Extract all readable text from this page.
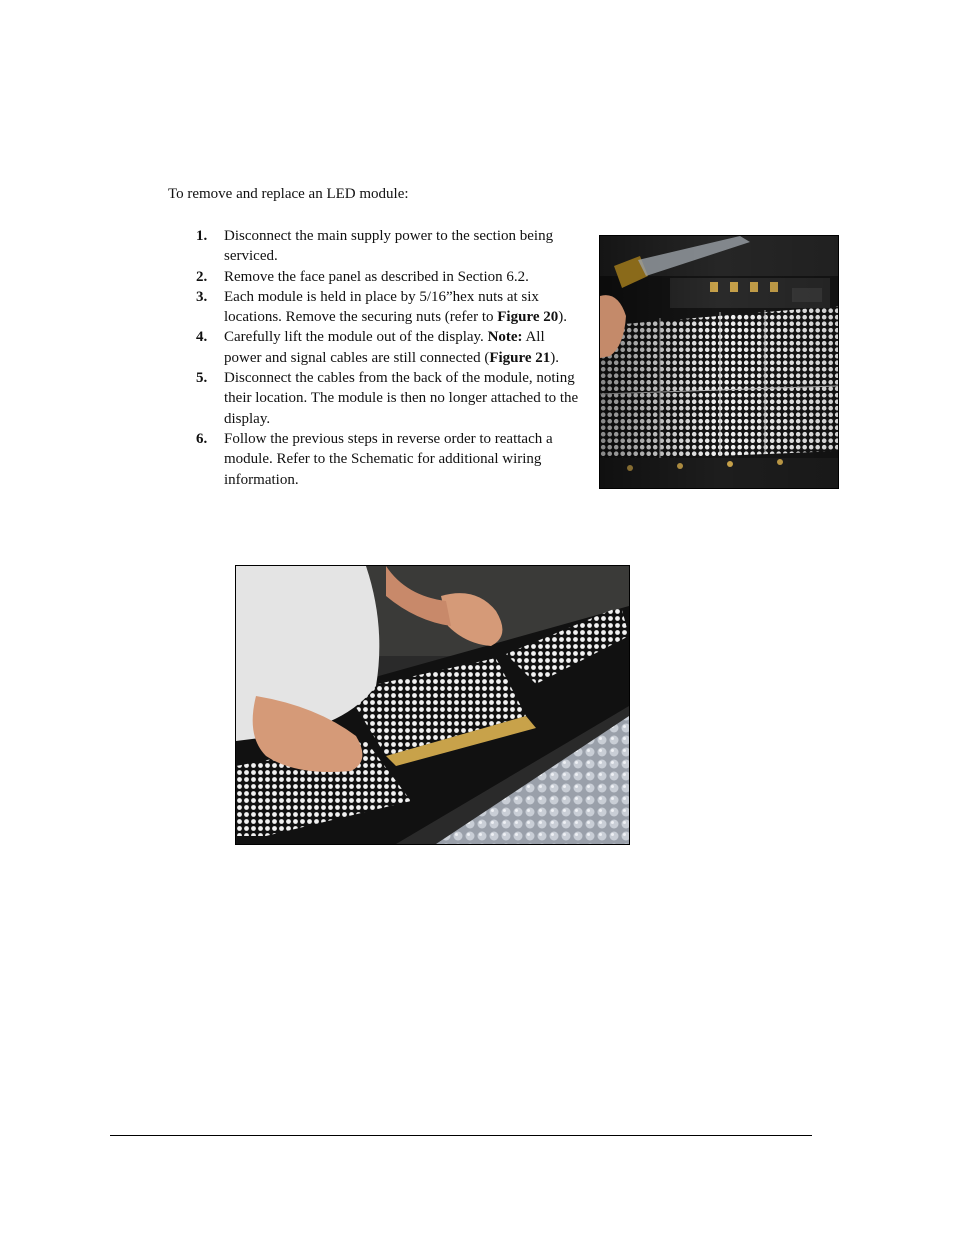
To remove and replace an LED module:

1. Disconnect the main supply power to the section being serviced.
2. Remove the face panel as described in Section 6.2.
3. Each module is held in place by 5/16”hex nuts at six locations. Remove the securing nuts (refer to Figure 20).
4. Carefully lift the module out of the display. Note: All power and signal cables are still connected (Figure 21).
5. Disconnect the cables from the back of the module, noting their location. The module is then no longer attached to the display.
6. Follow the previous steps in reverse order to reattach a module. Refer to the Schematic for additional wiring information.
